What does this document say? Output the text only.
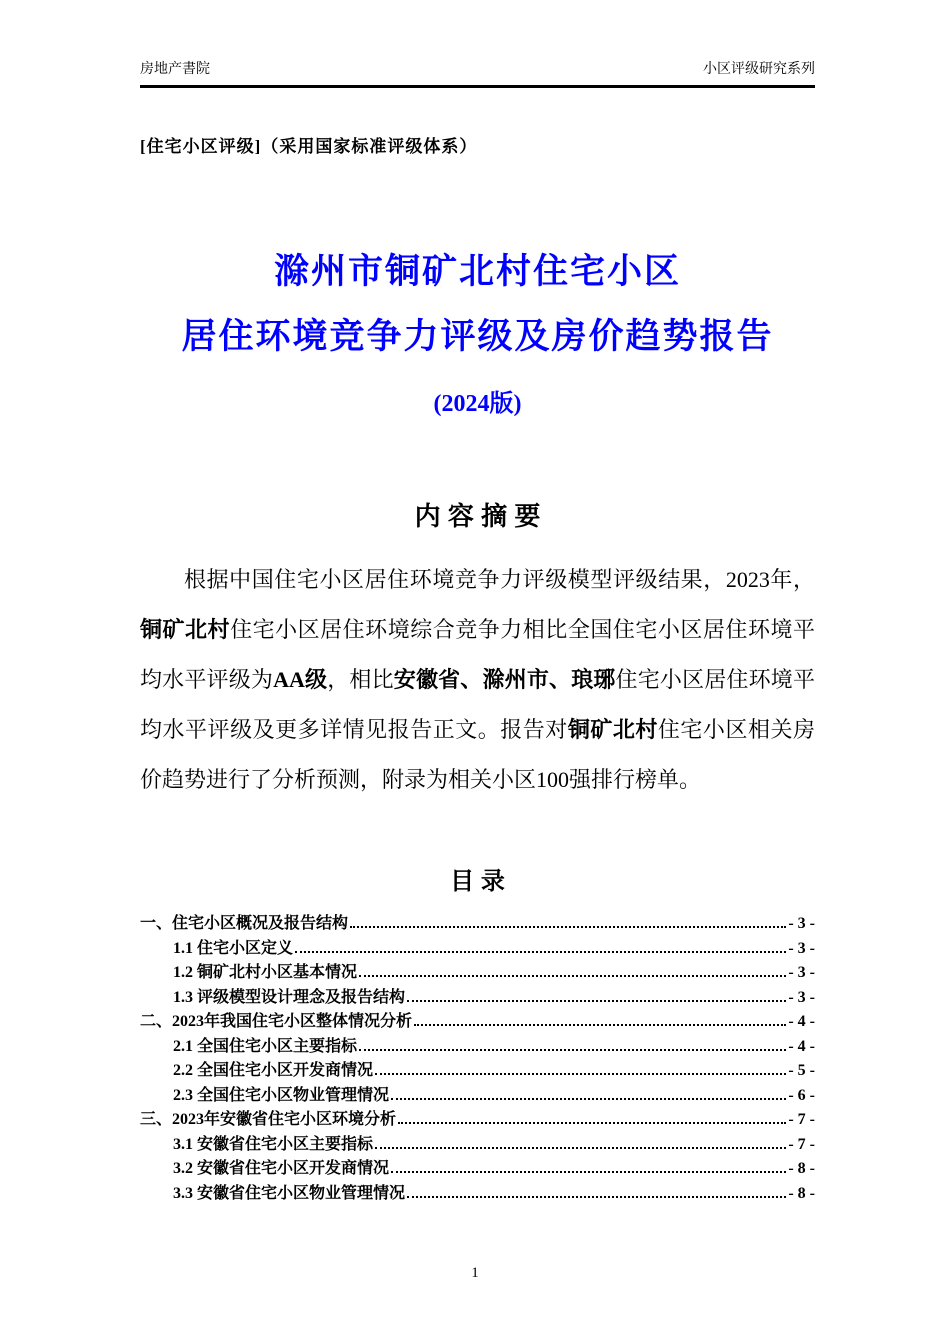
房地产書院	小区评级研究系列
[住宅小区评级]（采用国家标准评级体系）
滁州市铜矿北村住宅小区
居住环境竞争力评级及房价趋势报告
(2024版)
内 容 摘 要

根据中国住宅小区居住环境竞争力评级模型评级结果，2023年，铜矿北村住宅小区居住环境综合竞争力相比全国住宅小区居住环境平均水平评级为AA级，相比安徽省、滁州市、琅琊住宅小区居住环境平均水平评级及更多详情见报告正文。报告对铜矿北村住宅小区相关房价趋势进行了分析预测，附录为相关小区100强排行榜单。

目 录
一、住宅小区概况及报告结构	- 3 -
1.1 住宅小区定义	- 3 -
1.2 铜矿北村小区基本情况	- 3 -
1.3 评级模型设计理念及报告结构	- 3 -
二、2023年我国住宅小区整体情况分析	- 4 -
2.1 全国住宅小区主要指标	- 4 -
2.2 全国住宅小区开发商情况	- 5 -
2.3 全国住宅小区物业管理情况	- 6 -
三、2023年安徽省住宅小区环境分析	- 7 -
3.1 安徽省住宅小区主要指标	- 7 -
3.2 安徽省住宅小区开发商情况	- 8 -
3.3 安徽省住宅小区物业管理情况	- 8 -
1
